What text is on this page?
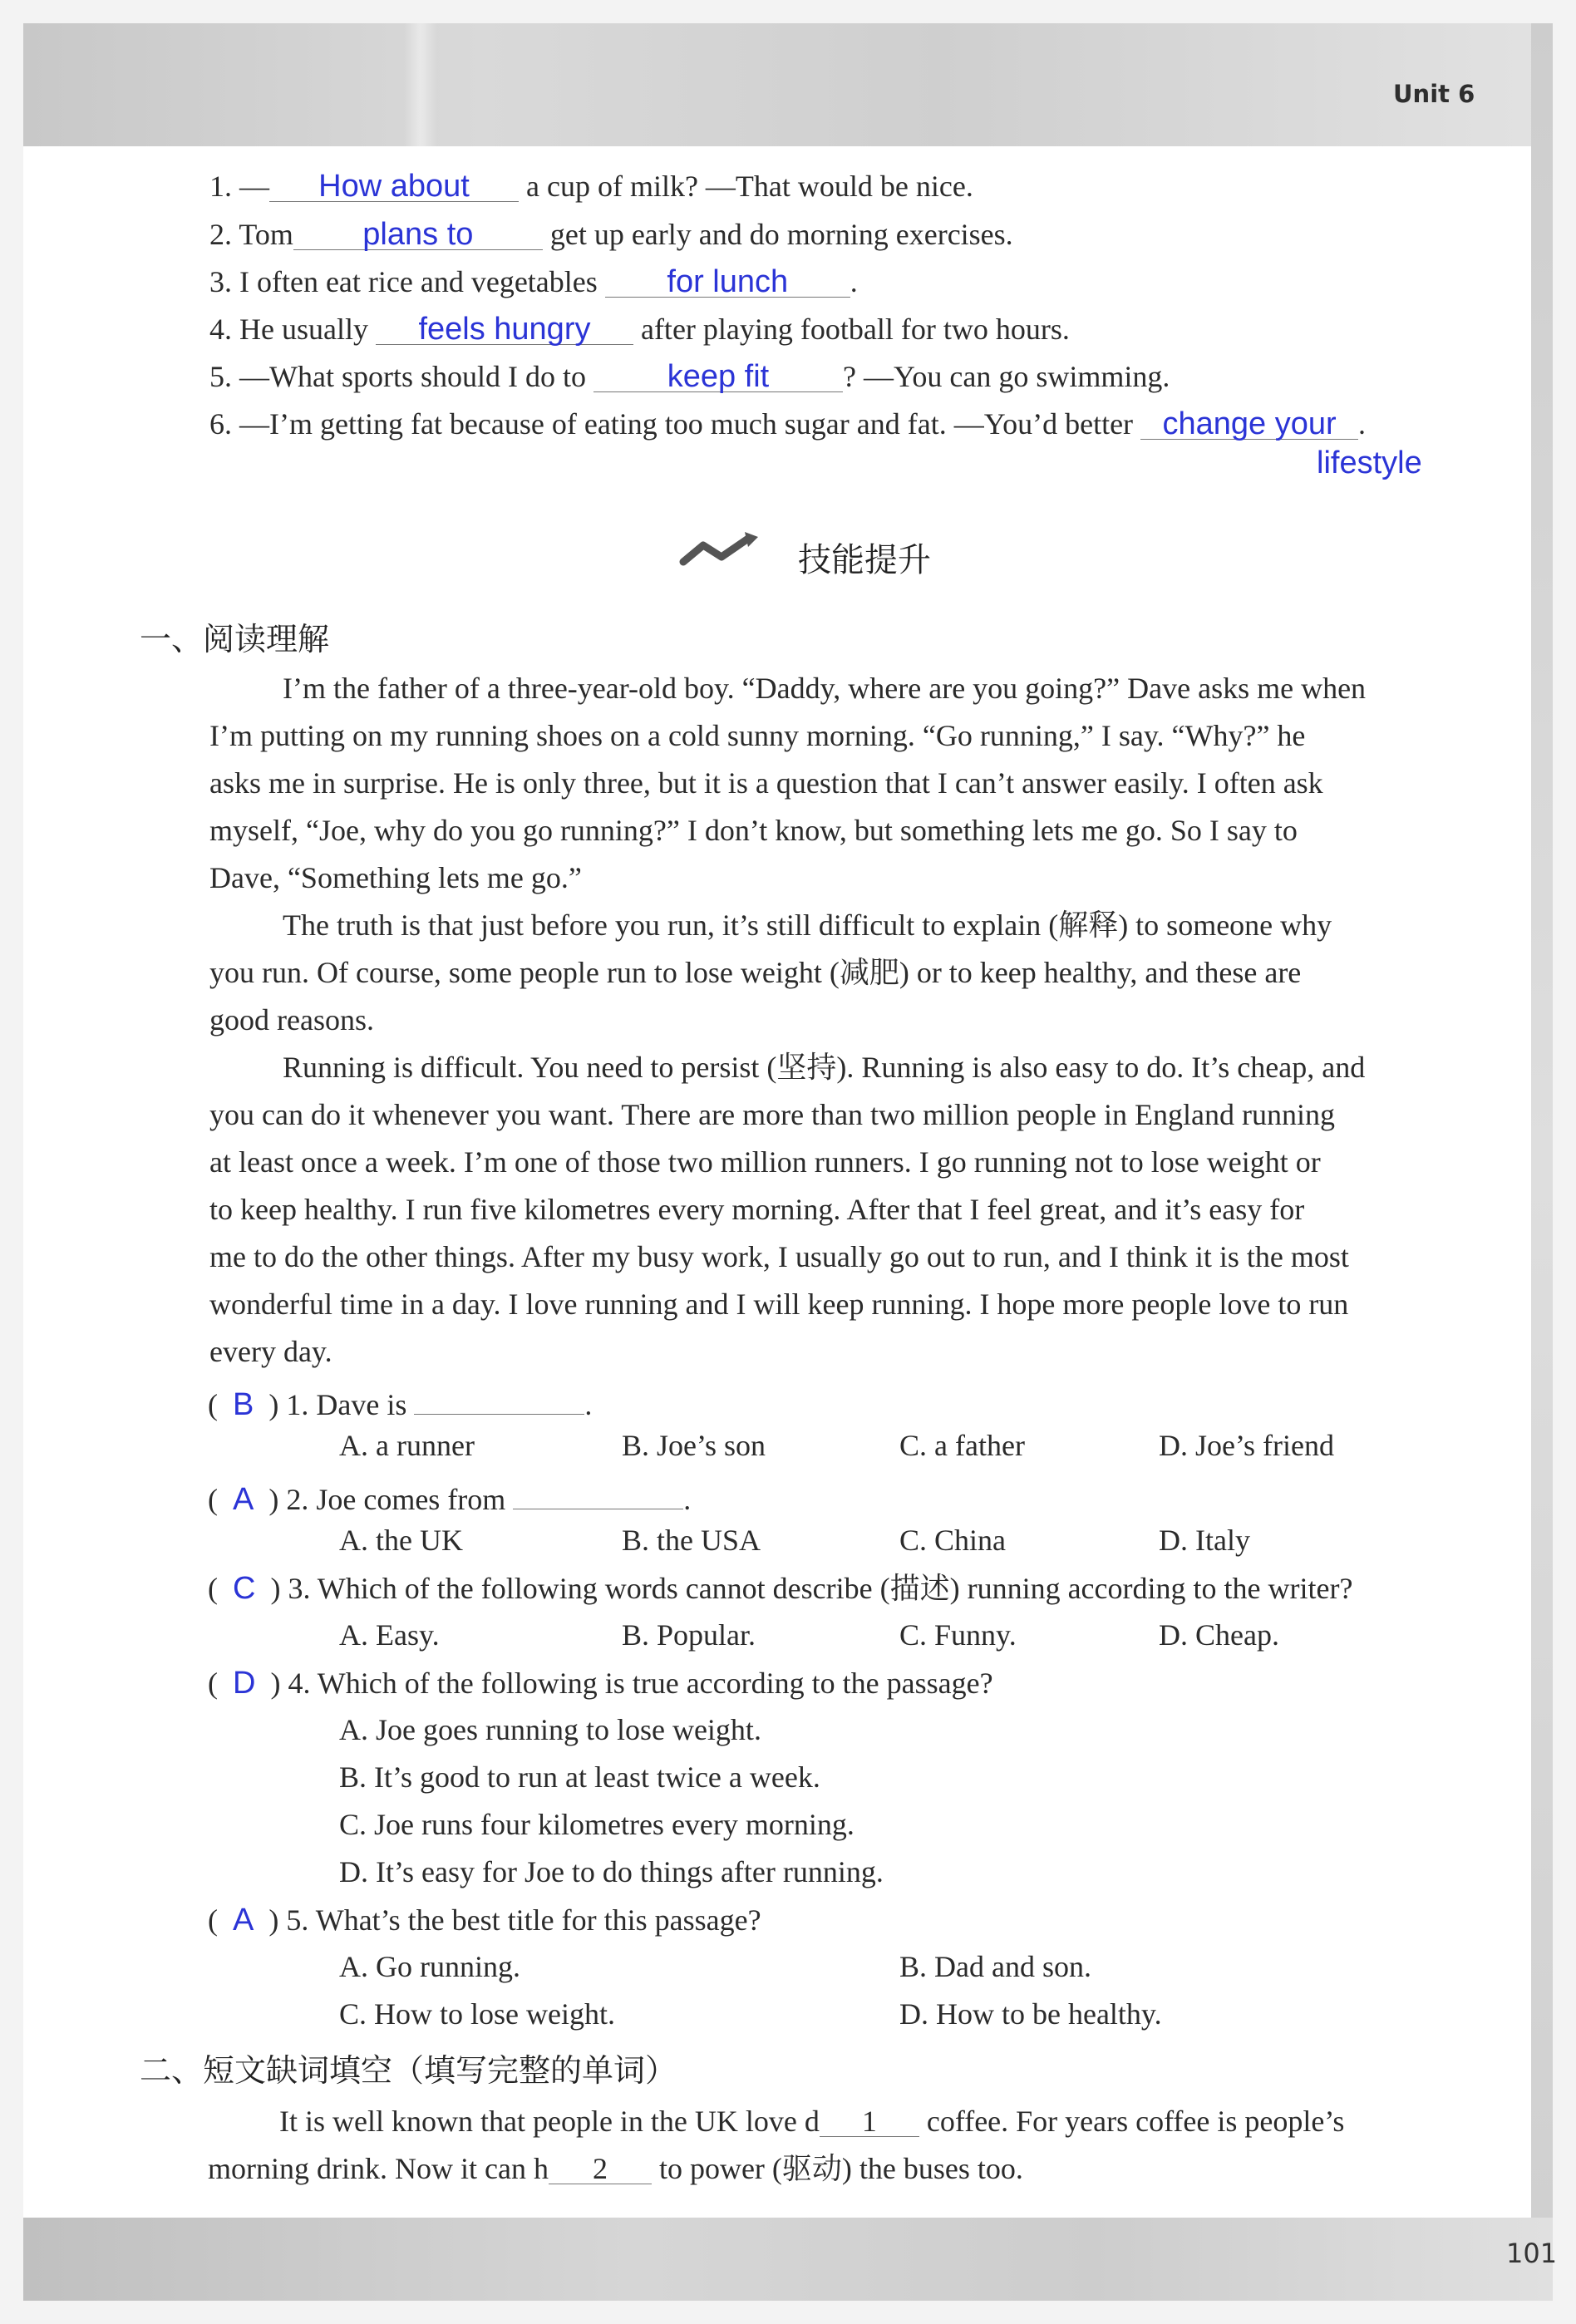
Unit 6
1. — How about a cup of milk? —That would be nice.
2. Tom plans to	get up early and do morning exercises.
3. I often eat rice and vegetables for lunch .
4. He usually feels hungry after playing football for two hours.
5. —What sports should I do to	keep fit ? —You can go swimming.
6. —I’m getting fat because of eating too much sugar and fat. —You’d better change your .
lifestyle
技能提升
一、阅读理解
I’m the father of a three-year-old boy. “Daddy, where are you going?” Dave asks me when
I’m putting on my running shoes on a cold sunny morning. “Go running,” I say. “Why?” he
asks me in surprise. He is only three, but it is a question that I can’t answer easily. I often ask
myself, “Joe, why do you go running?” I don’t know, but something lets me go. So I say to
Dave, “Something lets me go.”
The truth is that just before you run, it’s still difficult to explain (解释) to someone why
you run. Of course, some people run to lose weight (减肥) or to keep healthy, and these are
good reasons.
Running is difficult. You need to persist (坚持). Running is also easy to do. It’s cheap, and
you can do it whenever you want. There are more than two million people in England running
at least once a week. I’m one of those two million runners. I go running not to lose weight or
to keep healthy. I run five kilometres every morning. After that I feel great, and it’s easy for
me to do the other things. After my busy work, I usually go out to run, and I think it is the most
wonderful time in a day. I love running and I will keep running. I hope more people love to run
every day.
(  B  ) 1. Dave is	.
A. a runner	B. Joe’s son	C. a father	D. Joe’s friend
(  A  ) 2. Joe comes from	.
A. the UK	B. the USA	C. China	D. Italy
(  C  ) 3. Which of the following words cannot describe (描述) running according to the writer?
A. Easy.	B. Popular.	C. Funny.	D. Cheap.
(  D  ) 4. Which of the following is true according to the passage?
A. Joe goes running to lose weight.
B. It’s good to run at least twice a week.
C. Joe runs four kilometres every morning.
D. It’s easy for Joe to do things after running.
(  A  ) 5. What’s the best title for this passage?
A. Go running.	B. Dad and son.
C. How to lose weight.	D. How to be healthy.
二、短文缺词填空（填写完整的单词）
It is well known that people in the UK love d 1 coffee. For years coffee is people’s
morning drink. Now it can h 2 to power (驱动) the buses too.
101
